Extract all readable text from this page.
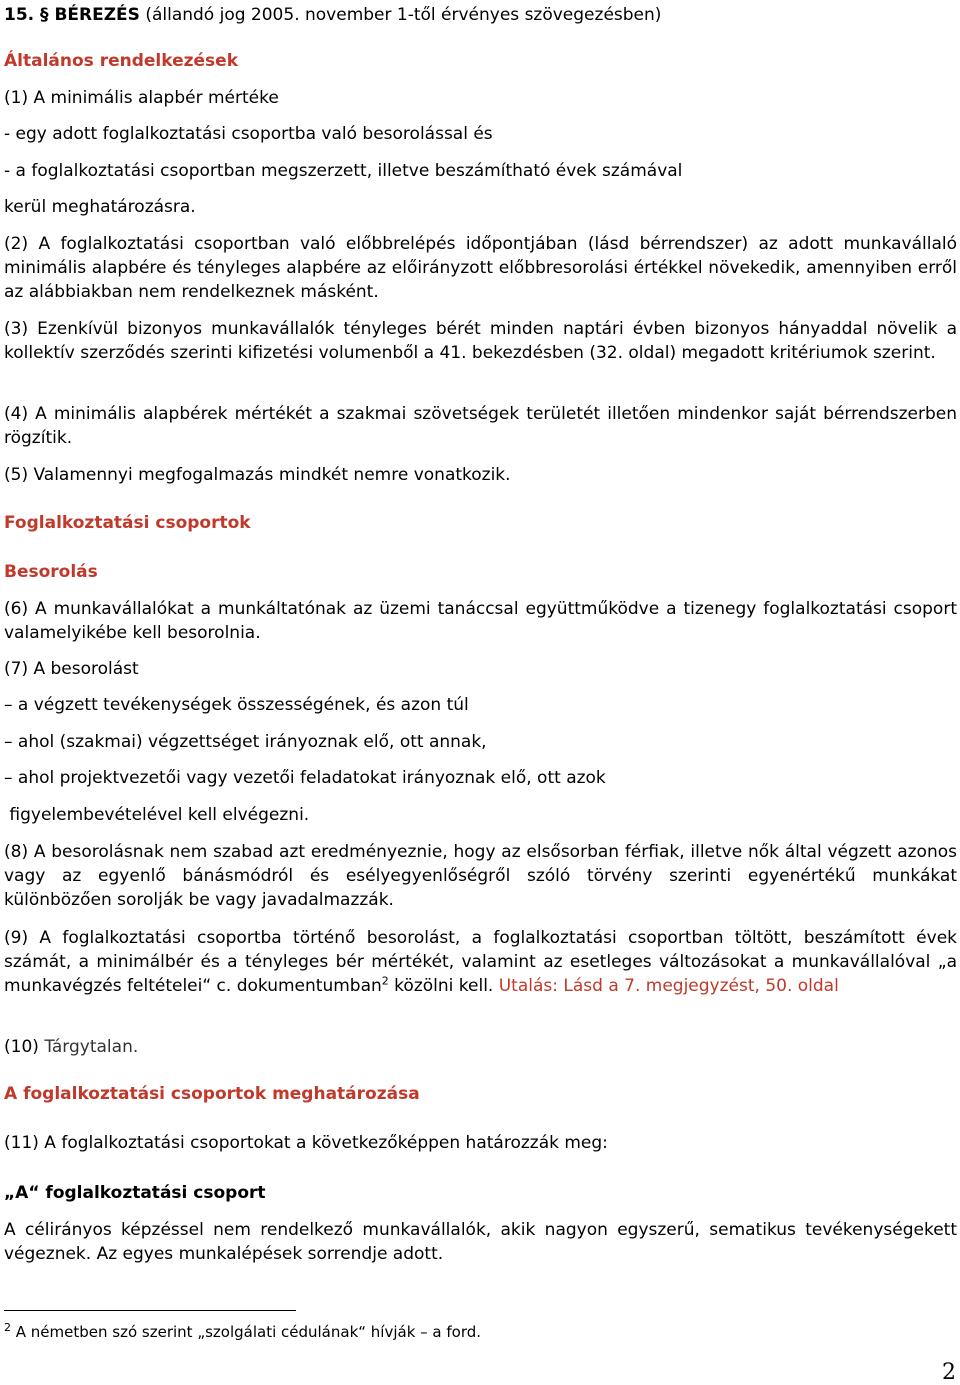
15. § BÉREZÉS (állandó jog 2005. november 1-től érvényes szövegezésben)
Általános rendelkezések
(1) A minimális alapbér mértéke
- egy adott foglalkoztatási csoportba való besorolással és
- a foglalkoztatási csoportban megszerzett, illetve beszámítható évek számával
kerül meghatározásra.
(2) A foglalkoztatási csoportban való előbbrelépés időpontjában (lásd bérrendszer) az adott munkavállaló minimális alapbére és tényleges alapbére az előirányzott előbbresorolási értékkel növekedik, amennyiben erről az alábbiakban nem rendelkeznek másként.
(3) Ezenkívül bizonyos munkavállalók tényleges bérét minden naptári évben bizonyos hányaddal növelik a kollektív szerződés szerinti kifizetési volumenből a 41. bekezdésben (32. oldal) megadott kritériumok szerint.
(4) A minimális alapbérek mértékét a szakmai szövetségek területét illetően mindenkor saját bérrendszerben rögzítik.
(5) Valamennyi megfogalmazás mindkét nemre vonatkozik.
Foglalkoztatási csoportok
Besorolás
(6) A munkavállalókat a munkáltatónak az üzemi tanáccsal együttműködve a tizenegy foglalkoztatási csoport valamelyikébe kell besorolnia.
(7) A besorolást
– a végzett tevékenységek összességének, és azon túl
– ahol (szakmai) végzettséget irányoznak elő, ott annak,
– ahol projektvezetői vagy vezetői feladatokat irányoznak elő, ott azok
figyelembevételével kell elvégezni.
(8) A besorolásnak nem szabad azt eredményeznie, hogy az elsősorban férfiak, illetve nők által végzett azonos vagy az egyenlő bánásmódról és esélyegyenlőségről szóló törvény szerinti egyenértékű munkákat különbözően sorolják be vagy javadalmazzák.
(9) A foglalkoztatási csoportba történő besorolást, a foglalkoztatási csoportban töltött, beszámított évek számát, a minimálbér és a tényleges bér mértékét, valamint az esetleges változásokat a munkavállalóval „a munkavégzés feltételei“ c. dokumentumban$^2$ közölni kell. Utalás: Lásd a 7. megjegyzést, 50. oldal
(10) Tárgytalan.
A foglalkoztatási csoportok meghatározása
(11) A foglalkoztatási csoportokat a következőképpen határozzák meg:
„A“ foglalkoztatási csoport
A célirányos képzéssel nem rendelkező munkavállalók, akik nagyon egyszerű, sematikus tevékenységekett végeznek. Az egyes munkalépések sorrendje adott.
$^2$ A németben szó szerint „szolgálati cédulának“ hívják – a ford.
2
